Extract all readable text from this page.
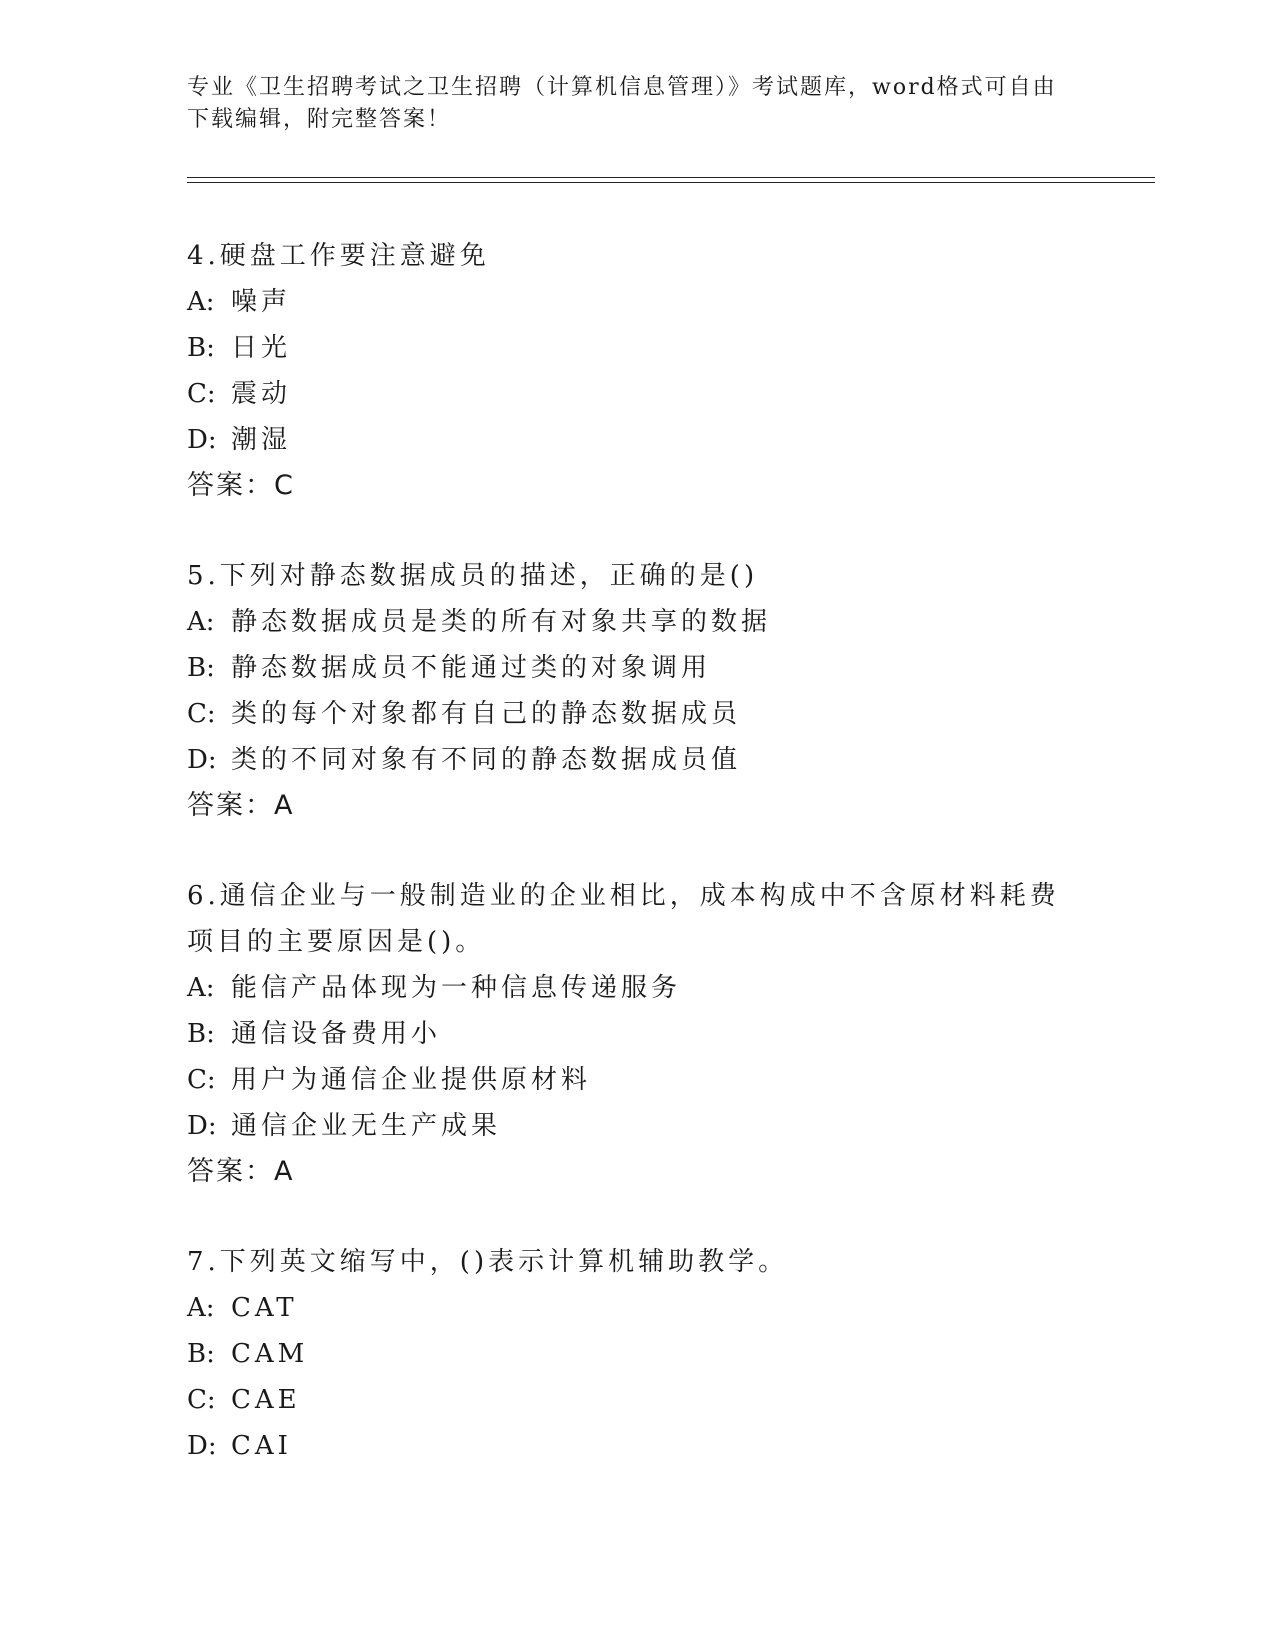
专业《卫生招聘考试之卫生招聘（计算机信息管理）》考试题库，word格式可自由下载编辑，附完整答案！

4.硬盘工作要注意避免

A: 噪声

B: 日光

C: 震动

D: 潮湿

答案：C

5.下列对静态数据成员的描述，正确的是()

A: 静态数据成员是类的所有对象共享的数据

B: 静态数据成员不能通过类的对象调用

C: 类的每个对象都有自己的静态数据成员

D: 类的不同对象有不同的静态数据成员值

答案：A

6.通信企业与一般制造业的企业相比，成本构成中不含原材料耗费项目的主要原因是()。

A: 能信产品体现为一种信息传递服务

B: 通信设备费用小

C: 用户为通信企业提供原材料

D: 通信企业无生产成果

答案：A

7.下列英文缩写中，()表示计算机辅助教学。

A: CAT

B: CAM

C: CAE

D: CAI
